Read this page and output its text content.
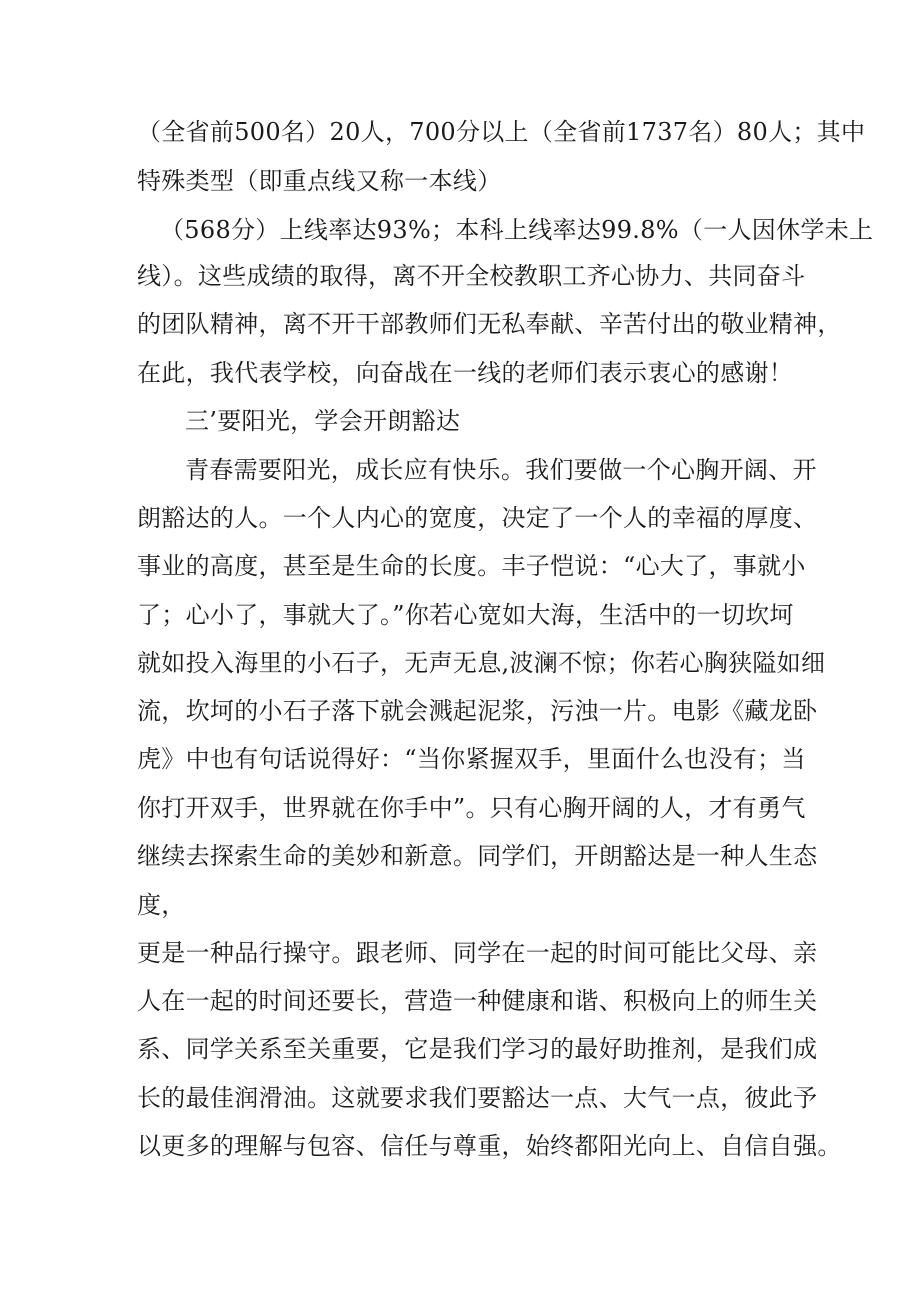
（全省前500名）20人，700分以上（全省前1737名）80人；其中
特殊类型（即重点线又称一本线）
（568分）上线率达93%；本科上线率达99.8%（一人因休学未上
线）。这些成绩的取得，离不开全校教职工齐心协力、共同奋斗
的团队精神，离不开干部教师们无私奉献、辛苦付出的敬业精神，
在此，我代表学校，向奋战在一线的老师们表示衷心的感谢！
三’要阳光，学会开朗豁达
青春需要阳光，成长应有快乐。我们要做一个心胸开阔、开
朗豁达的人。一个人内心的宽度，决定了一个人的幸福的厚度、
事业的高度，甚至是生命的长度。丰子恺说：“心大了，事就小
了；心小了，事就大了。”你若心宽如大海，生活中的一切坎坷
就如投入海里的小石子，无声无息,波澜不惊；你若心胸狭隘如细
流，坎坷的小石子落下就会溅起泥浆，污浊一片。电影《藏龙卧
虎》中也有句话说得好：“当你紧握双手，里面什么也没有；当
你打开双手，世界就在你手中”。只有心胸开阔的人，才有勇气
继续去探索生命的美妙和新意。同学们，开朗豁达是一种人生态
度，
更是一种品行操守。跟老师、同学在一起的时间可能比父母、亲
人在一起的时间还要长，营造一种健康和谐、积极向上的师生关
系、同学关系至关重要，它是我们学习的最好助推剂，是我们成
长的最佳润滑油。这就要求我们要豁达一点、大气一点，彼此予
以更多的理解与包容、信任与尊重，始终都阳光向上、自信自强。
